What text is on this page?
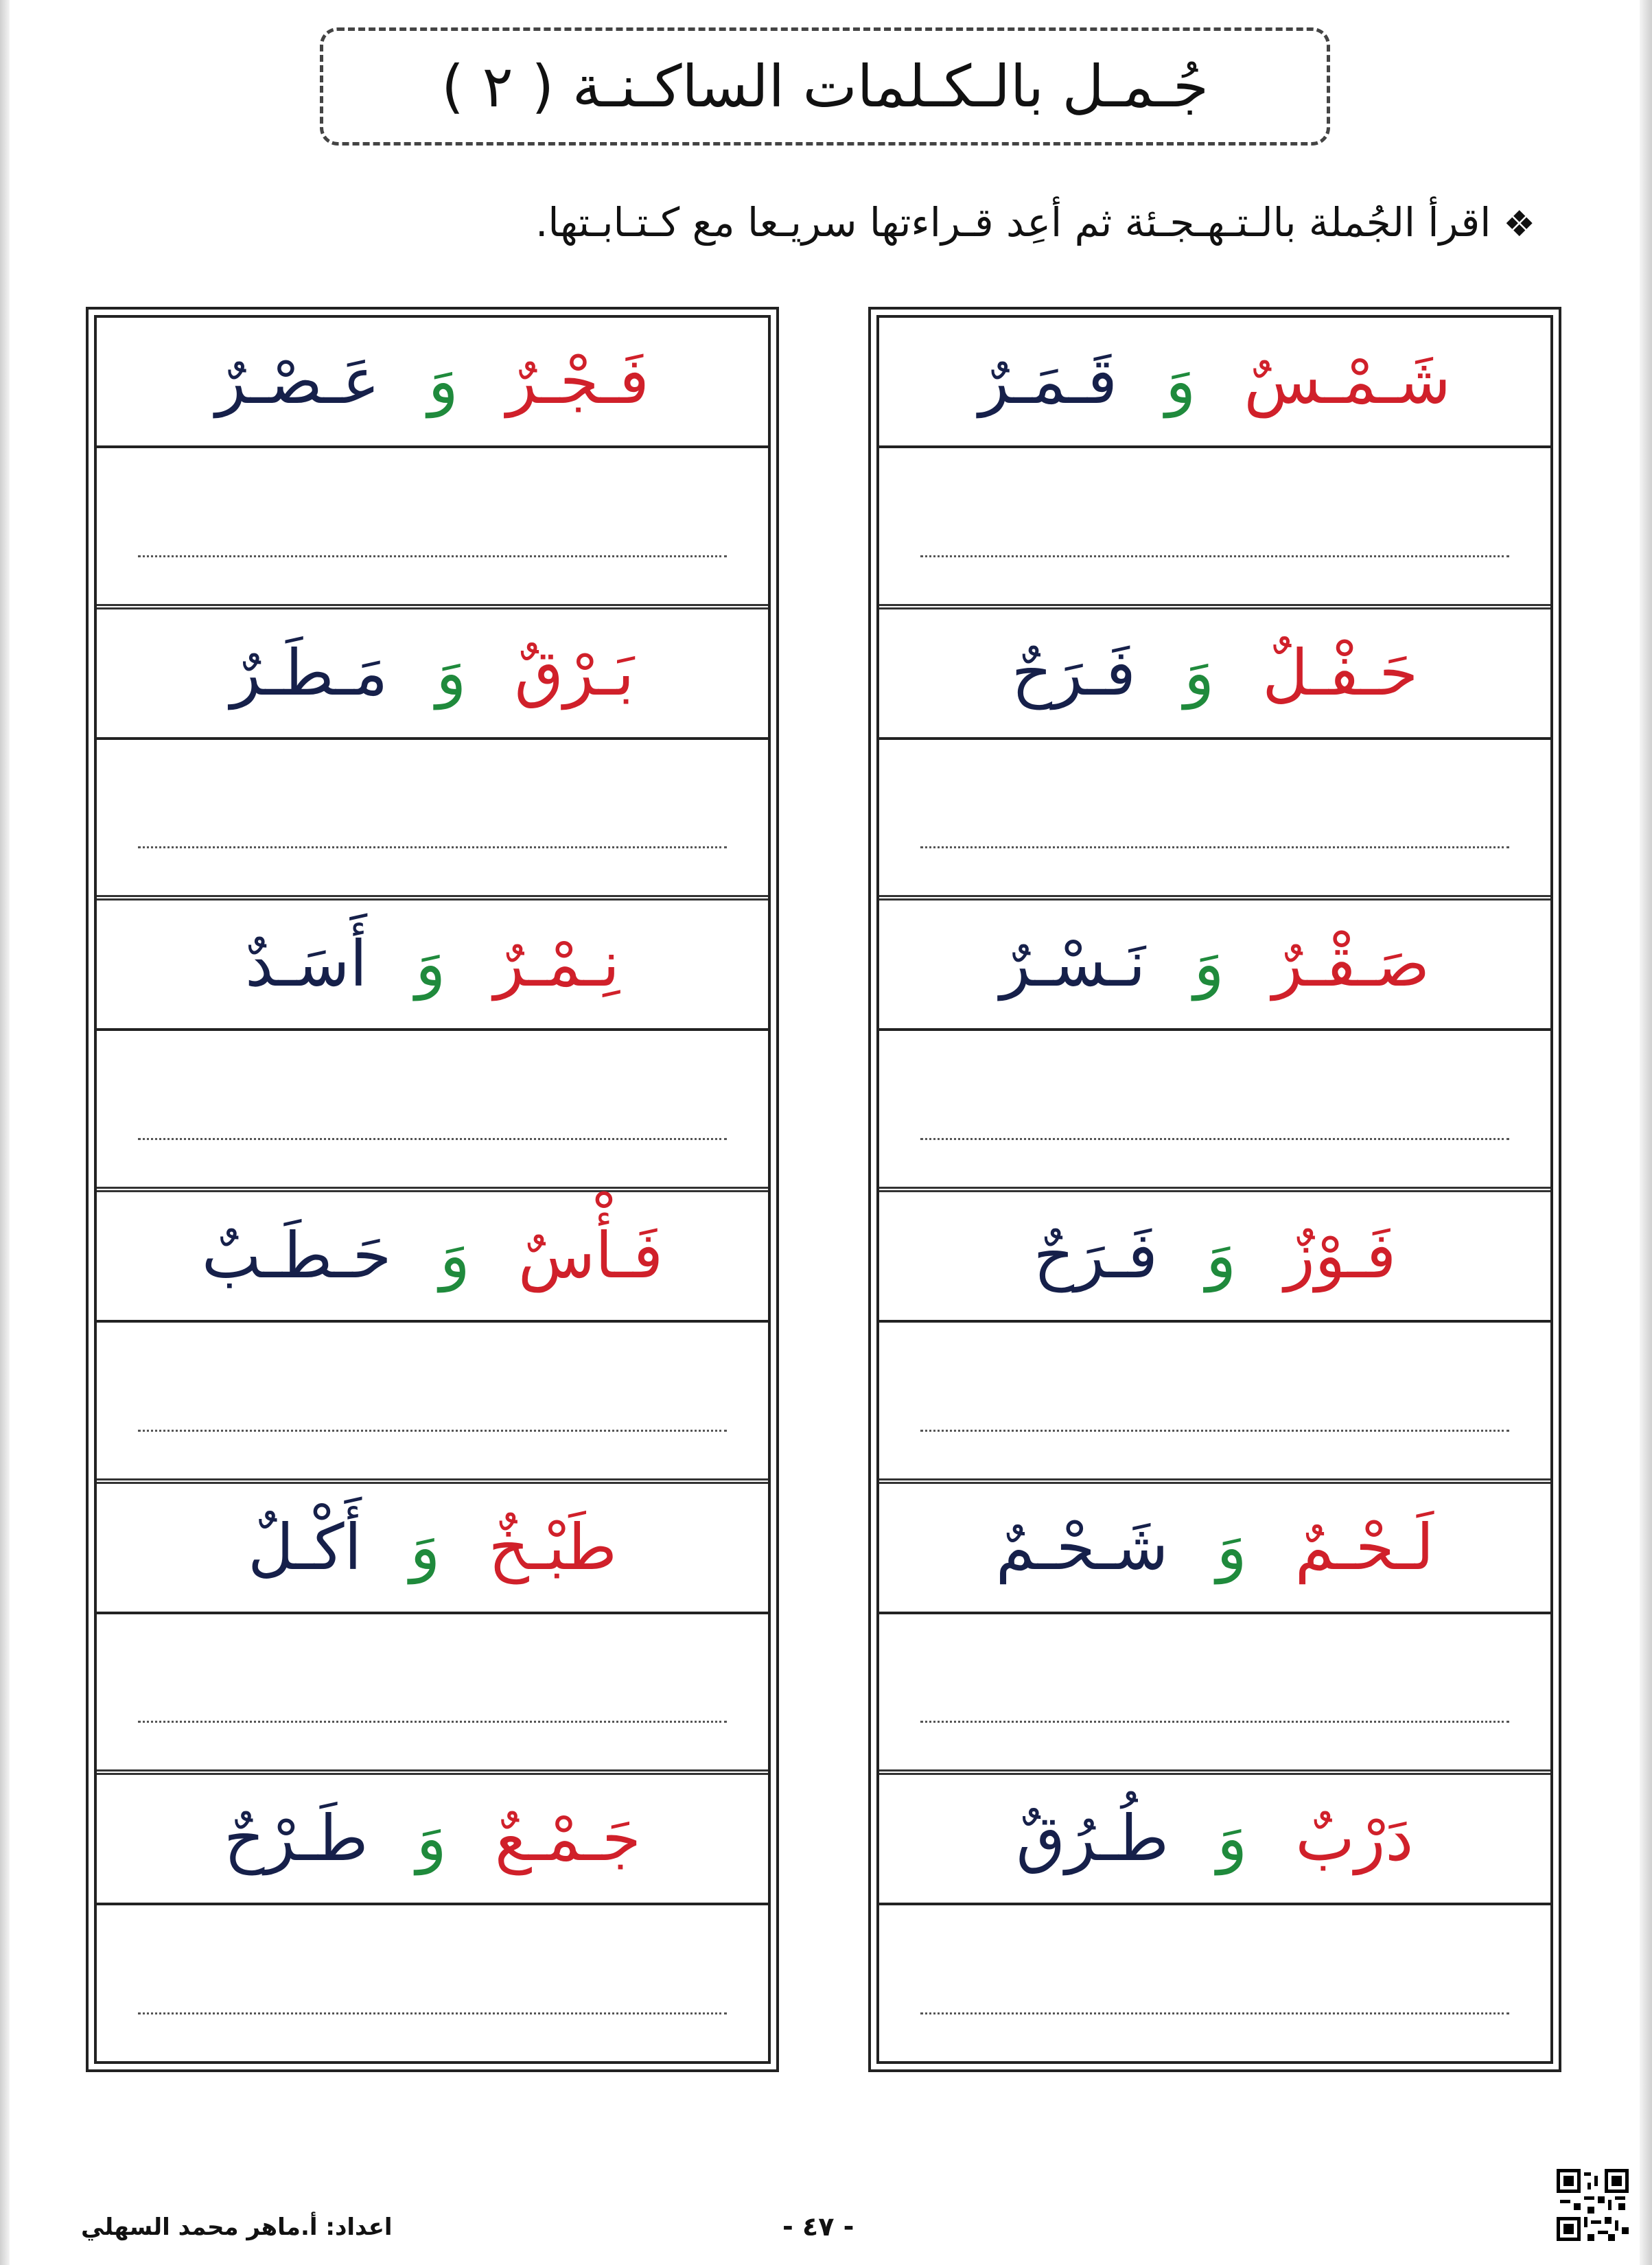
جُـمـل بالـكـلمات الساكـنـة ( ٢ )
❖اقرأ الجُملة بالـتـهـجـئة ثم أعِد قـراءتها سريـعا مع كـتـابـتها.
شَـمْـسٌ
وَ
قَـمَـرٌ
حَـفْـلٌ
وَ
فَـرَحٌ
صَـقْـرٌ
وَ
نَـسْـرٌ
فَـوْزٌ
وَ
فَـرَحٌ
لَـحْـمٌ
وَ
شَـحْـمٌ
دَرْبٌ
وَ
طُـرُقٌ
فَـجْـرٌ
وَ
عَـصْـرٌ
بَـرْقٌ
وَ
مَـطَـرٌ
نِـمْـرٌ
وَ
أَسَـدٌ
فَـأْسٌ
وَ
حَـطَـبٌ
طَبْـخٌ
وَ
أَكْـلٌ
جَـمْـعٌ
وَ
طَـرْحٌ
- ٤٧ -
اعداد: أ.ماهر محمد السهلي
